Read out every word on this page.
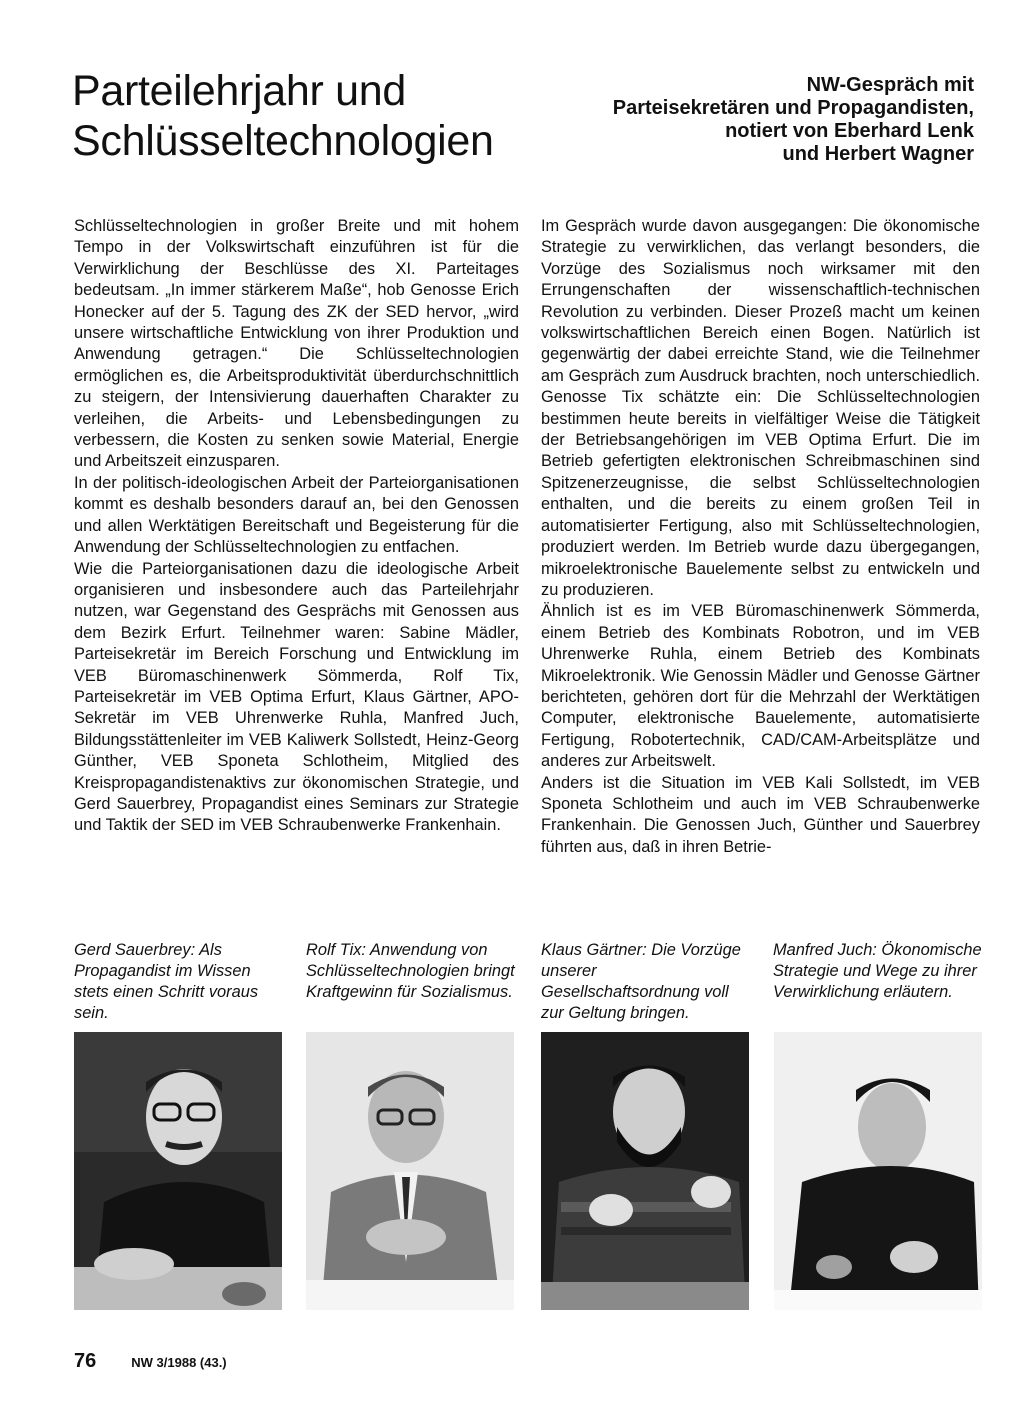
Parteilehrjahr und Schlüsseltechnologien
NW-Gespräch mit
Parteisekretären und Propagandisten,
notiert von Eberhard Lenk
und Herbert Wagner

Schlüsseltechnologien in großer Breite und mit hohem Tempo in der Volkswirtschaft einzuführen ist für die Verwirklichung der Beschlüsse des XI. Parteitages bedeutsam. „In immer stärkerem Maße“, hob Genosse Erich Honecker auf der 5. Tagung des ZK der SED hervor, „wird unsere wirtschaftliche Entwicklung von ihrer Produktion und Anwendung getragen.“ Die Schlüsseltechnologien ermöglichen es, die Arbeitsproduktivität überdurchschnittlich zu steigern, der Intensivierung dauerhaften Charakter zu verleihen, die Arbeits- und Lebensbedingungen zu verbessern, die Kosten zu senken sowie Material, Energie und Arbeitszeit einzusparen.

In der politisch-ideologischen Arbeit der Parteiorganisationen kommt es deshalb besonders darauf an, bei den Genossen und allen Werktätigen Bereitschaft und Begeisterung für die Anwendung der Schlüsseltechnologien zu entfachen.

Wie die Parteiorganisationen dazu die ideologische Arbeit organisieren und insbesondere auch das Parteilehrjahr nutzen, war Gegenstand des Gesprächs mit Genossen aus dem Bezirk Erfurt. Teilnehmer waren: Sabine Mädler, Parteisekretär im Bereich Forschung und Entwicklung im VEB Büromaschinenwerk Sömmerda, Rolf Tix, Parteisekretär im VEB Optima Erfurt, Klaus Gärtner, APO-Sekretär im VEB Uhrenwerke Ruhla, Manfred Juch, Bildungsstättenleiter im VEB Kaliwerk Sollstedt, Heinz-Georg Günther, VEB Sponeta Schlotheim, Mitglied des Kreispropagandistenaktivs zur ökonomischen Strategie, und Gerd Sauerbrey, Propagandist eines Seminars zur Strategie und Taktik der SED im VEB Schraubenwerke Frankenhain.

Im Gespräch wurde davon ausgegangen: Die ökonomische Strategie zu verwirklichen, das verlangt besonders, die Vorzüge des Sozialismus noch wirksamer mit den Errungenschaften der wissenschaftlich-technischen Revolution zu verbinden. Dieser Prozeß macht um keinen volkswirtschaftlichen Bereich einen Bogen. Natürlich ist gegenwärtig der dabei erreichte Stand, wie die Teilnehmer am Gespräch zum Ausdruck brachten, noch unterschiedlich. Genosse Tix schätzte ein: Die Schlüsseltechnologien bestimmen heute bereits in vielfältiger Weise die Tätigkeit der Betriebsangehörigen im VEB Optima Erfurt. Die im Betrieb gefertigten elektronischen Schreibmaschinen sind Spitzenerzeugnisse, die selbst Schlüsseltechnologien enthalten, und die bereits zu einem großen Teil in automatisierter Fertigung, also mit Schlüsseltechnologien, produziert werden. Im Betrieb wurde dazu übergegangen, mikroelektronische Bauelemente selbst zu entwickeln und zu produzieren.

Ähnlich ist es im VEB Büromaschinenwerk Sömmerda, einem Betrieb des Kombinats Robotron, und im VEB Uhrenwerke Ruhla, einem Betrieb des Kombinats Mikroelektronik. Wie Genossin Mädler und Genosse Gärtner berichteten, gehören dort für die Mehrzahl der Werktätigen Computer, elektronische Bauelemente, automatisierte Fertigung, Robotertechnik, CAD/CAM-Arbeitsplätze und anderes zur Arbeitswelt.

Anders ist die Situation im VEB Kali Sollstedt, im VEB Sponeta Schlotheim und auch im VEB Schraubenwerke Frankenhain. Die Genossen Juch, Günther und Sauerbrey führten aus, daß in ihren Betrie-

Gerd Sauerbrey: Als Propagandist im Wissen stets einen Schritt voraus sein.
Rolf Tix: Anwendung von Schlüsseltechnologien bringt Kraftgewinn für Sozialismus.
Klaus Gärtner: Die Vorzüge unserer Gesellschaftsordnung voll zur Geltung bringen.
Manfred Juch: Ökonomische Strategie und Wege zu ihrer Verwirklichung erläutern.
76	NW 3/1988 (43.)
